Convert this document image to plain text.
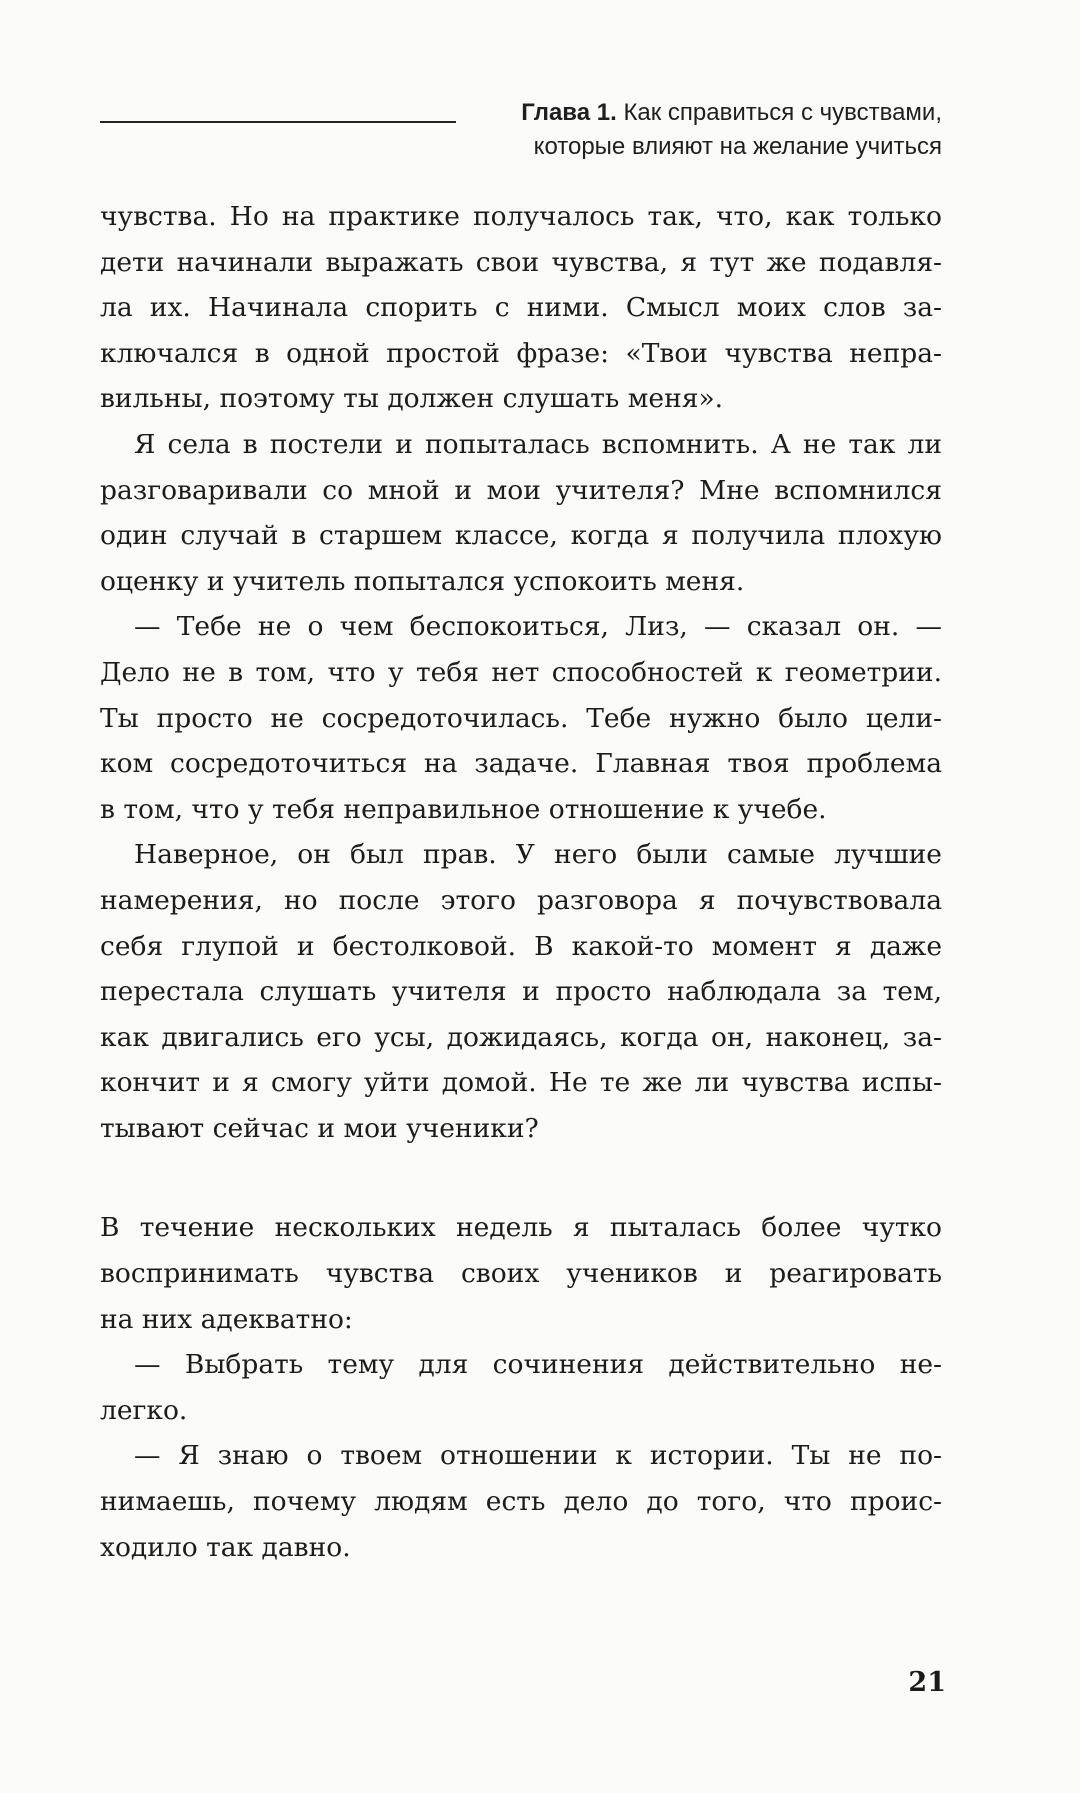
Глава 1. Как справиться с чувствами,
которые влияют на желание учиться
чувства. Но на практике получалось так, что, как только
дети начинали выражать свои чувства, я тут же подавля-
ла их. Начинала спорить с ними. Смысл моих слов за-
ключался в одной простой фразе: «Твои чувства непра-
вильны, поэтому ты должен слушать меня».
Я села в постели и попыталась вспомнить. А не так ли
разговаривали со мной и мои учителя? Мне вспомнился
один случай в старшем классе, когда я получила плохую
оценку и учитель попытался успокоить меня.
— Тебе не о чем беспокоиться, Лиз, — сказал он. —
Дело не в том, что у тебя нет способностей к геометрии.
Ты просто не сосредоточилась. Тебе нужно было цели-
ком сосредоточиться на задаче. Главная твоя проблема
в том, что у тебя неправильное отношение к учебе.
Наверное, он был прав. У него были самые лучшие
намерения, но после этого разговора я почувствовала
себя глупой и бестолковой. В какой-то момент я даже
перестала слушать учителя и просто наблюдала за тем,
как двигались его усы, дожидаясь, когда он, наконец, за-
кончит и я смогу уйти домой. Не те же ли чувства испы-
тывают сейчас и мои ученики?
В течение нескольких недель я пыталась более чутко
воспринимать чувства своих учеников и реагировать
на них адекватно:
— Выбрать тему для сочинения действительно не-
легко.
— Я знаю о твоем отношении к истории. Ты не по-
нимаешь, почему людям есть дело до того, что проис-
ходило так давно.
21
